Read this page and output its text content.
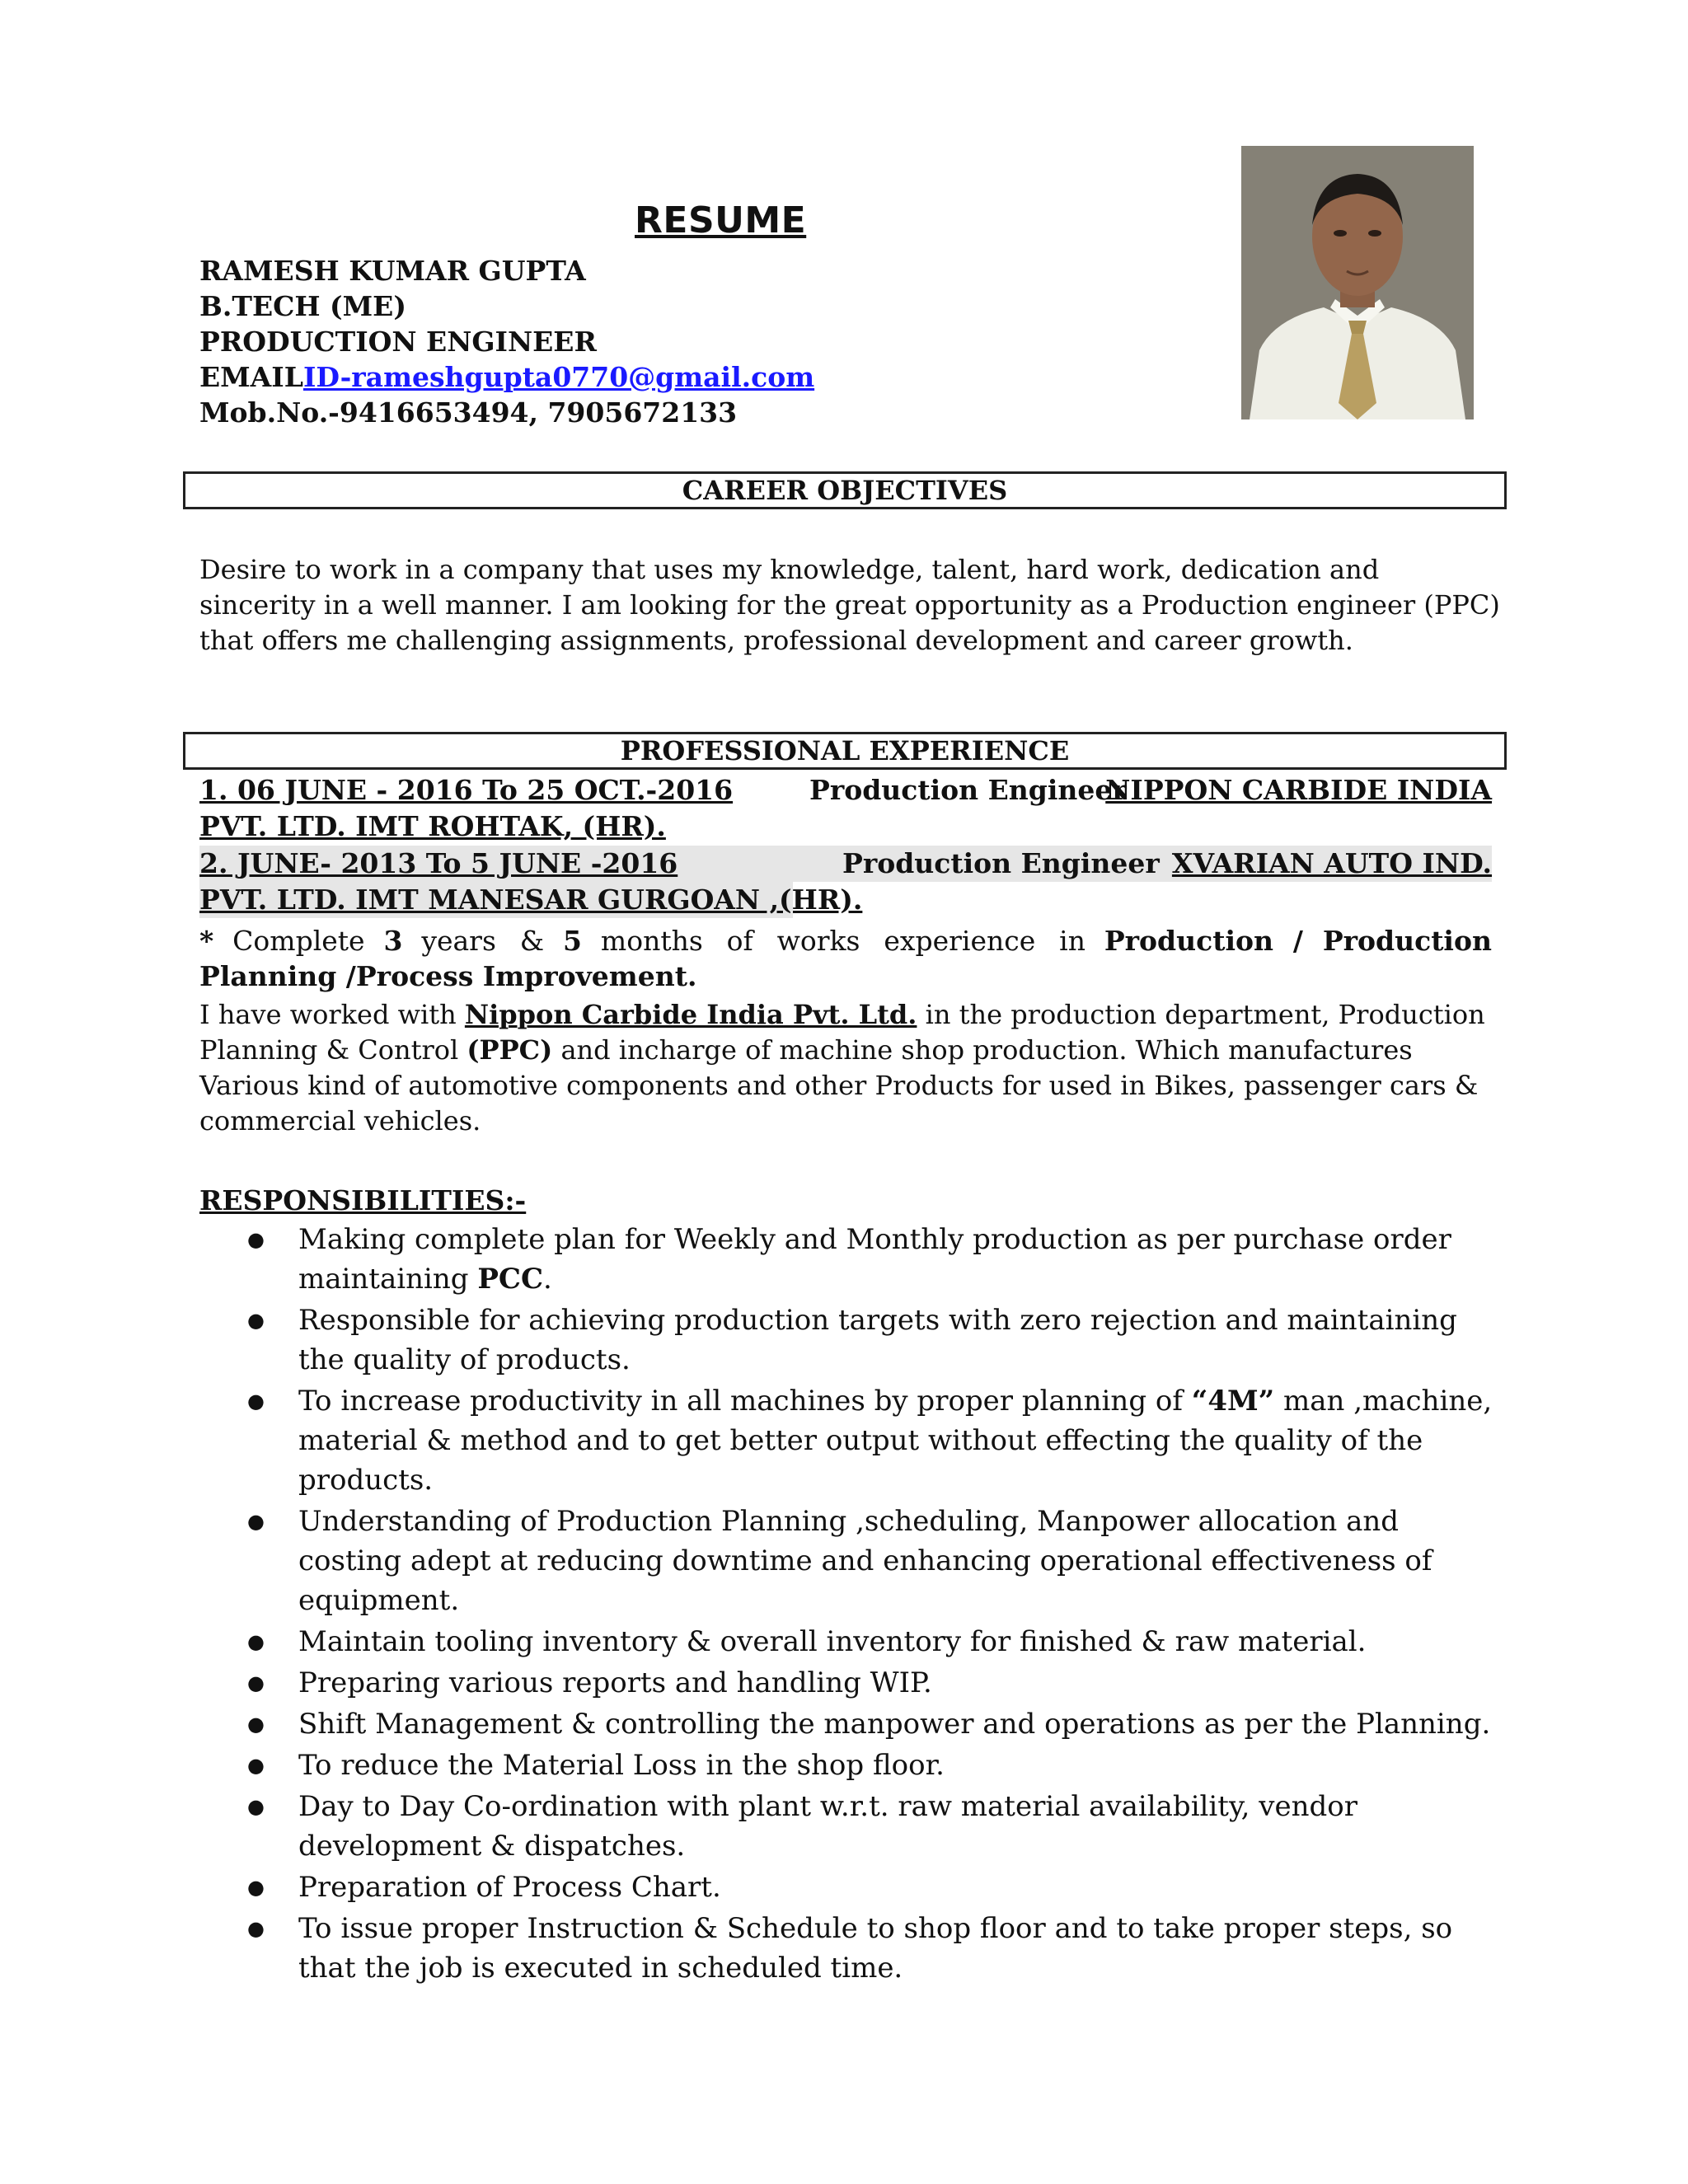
RESUME
RAMESH KUMAR GUPTA
B.TECH (ME)
PRODUCTION ENGINEER
EMAILID-rameshgupta0770@gmail.com
Mob.No.-9416653494, 7905672133
CAREER OBJECTIVES
Desire to work in a company that uses my knowledge, talent, hard work, dedication and sincerity in a well manner. I am looking for the great opportunity as a Production engineer (PPC) that offers me challenging assignments, professional development and career growth.
PROFESSIONAL EXPERIENCE
1. 06 JUNE - 2016 To 25 OCT.-2016	Production Engineer
NIPPON CARBIDE INDIA
PVT. LTD. IMT ROHTAK, (HR).
2. JUNE- 2013 To 5 JUNE -2016	Production Engineer XVARIAN AUTO IND.
PVT. LTD. IMT MANESAR GURGOAN ,(HR).
* Complete 3 years & 5 months of works experience in Production / Production Planning /Process Improvement.
I have worked with Nippon Carbide India Pvt. Ltd. in the production department, Production Planning & Control (PPC) and incharge of machine shop production. Which manufactures Various kind of automotive components and other Products for used in Bikes, passenger cars & commercial vehicles.
RESPONSIBILITIES:-
● Making complete plan for Weekly and Monthly production as per purchase order maintaining PCC.
● Responsible for achieving production targets with zero rejection and maintaining the quality of products.
● To increase productivity in all machines by proper planning of “4M” man ,machine, material & method and to get better output without effecting the quality of the products.
● Understanding of Production Planning ,scheduling, Manpower allocation and costing adept at reducing downtime and enhancing operational effectiveness of equipment.
● Maintain tooling inventory & overall inventory for finished & raw material.
● Preparing various reports and handling WIP.
● Shift Management & controlling the manpower and operations as per the Planning.
● To reduce the Material Loss in the shop floor.
● Day to Day Co-ordination with plant w.r.t. raw material availability, vendor development & dispatches.
● Preparation of Process Chart.
● To issue proper Instruction & Schedule to shop floor and to take proper steps, so that the job is executed in scheduled time.
